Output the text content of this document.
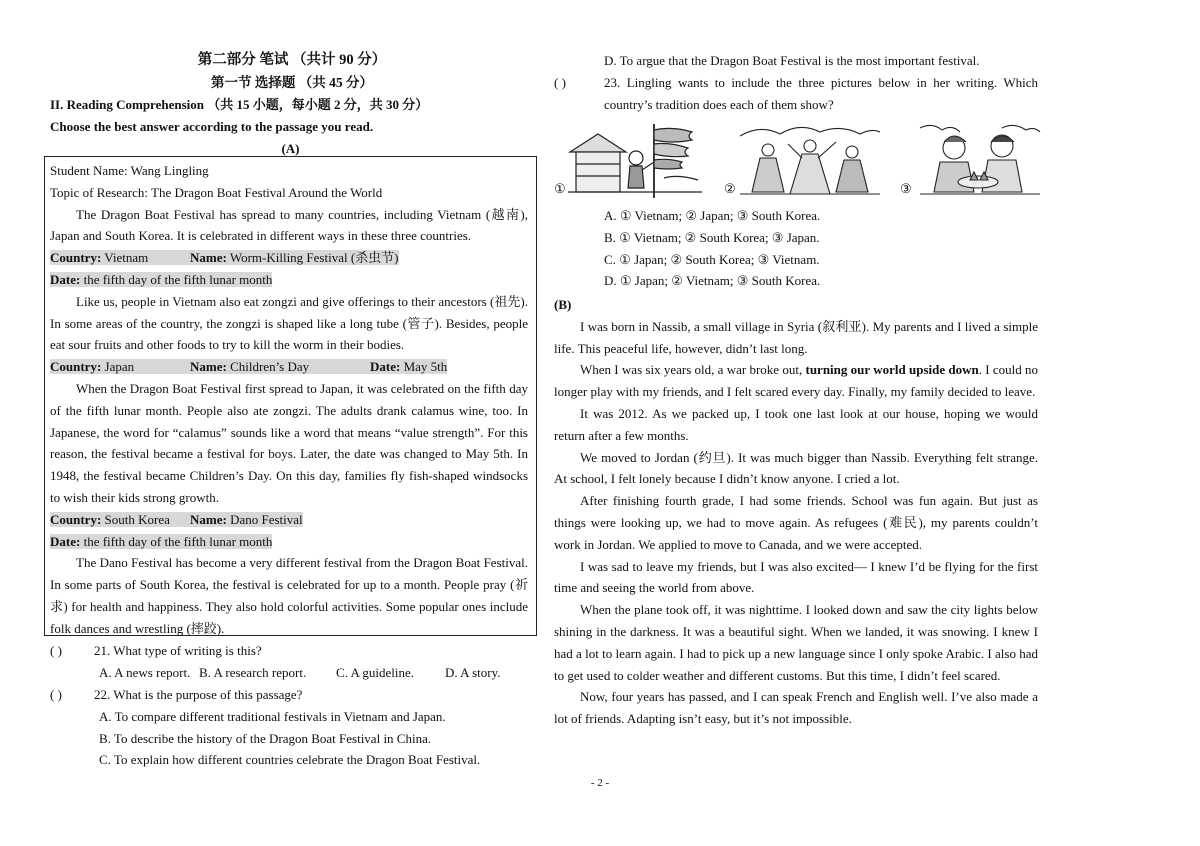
第二部分 笔试 （共计 90 分）
第一节 选择题 （共 45 分）
II. Reading Comprehension （共 15 小题，每小题 2 分，共 30 分）
Choose the best answer according to the passage you read.
(A)

Student Name: Wang Lingling

Topic of Research: The Dragon Boat Festival Around the World

The Dragon Boat Festival has spread to many countries, including Vietnam (越南), Japan and South Korea. It is celebrated in different ways in these three countries.

Country: Vietnam	Name: Worm-Killing Festival (杀虫节)

Date: the fifth day of the fifth lunar month

Like us, people in Vietnam also eat zongzi and give offerings to their ancestors (祖先). In some areas of the country, the zongzi is shaped like a long tube (管子). Besides, people eat sour fruits and other foods to try to kill the worm in their bodies.

Country: Japan	Name: Children’s Day	Date: May 5th

When the Dragon Boat Festival first spread to Japan, it was celebrated on the fifth day of the fifth lunar month. People also ate zongzi. The adults drank calamus wine, too. In Japanese, the word for “calamus” sounds like a word that means “value strength”. For this reason, the festival became a festival for boys. Later, the date was changed to May 5th. In 1948, the festival became Children’s Day. On this day, families fly fish-shaped windsocks to wish their kids strong growth.

Country: South Korea Name: Dano Festival

Date: the fifth day of the fifth lunar month

The Dano Festival has become a very different festival from the Dragon Boat Festival. In some parts of South Korea, the festival is celebrated for up to a month. People pray (祈求) for health and happiness. They also hold colorful activities. Some popular ones include folk dances and wrestling (摔跤).

( ) 21. What type of writing is this?

A. A news report. B. A research report. C. A guideline. D. A story.

( ) 22. What is the purpose of this passage?

A. To compare different traditional festivals in Vietnam and Japan.

B. To describe the history of the Dragon Boat Festival in China.

C. To explain how different countries celebrate the Dragon Boat Festival.

D. To argue that the Dragon Boat Festival is the most important festival.

( )	23. Lingling wants to include the three pictures below in her writing. Which country’s tradition does each of them show?

①	②	③

A. ① Vietnam; ② Japan; ③ South Korea.

B. ① Vietnam; ② South Korea; ③ Japan.

C. ① Japan; ② South Korea; ③ Vietnam.

D. ① Japan; ② Vietnam; ③ South Korea.

(B)

I was born in Nassib, a small village in Syria (叙利亚). My parents and I lived a simple life. This peaceful life, however, didn’t last long.

When I was six years old, a war broke out, turning our world upside down. I could no longer play with my friends, and I felt scared every day. Finally, my family decided to leave.

It was 2012. As we packed up, I took one last look at our house, hoping we would return after a few months.

We moved to Jordan (约旦). It was much bigger than Nassib. Everything felt strange. At school, I felt lonely because I didn’t know anyone. I cried a lot.

After finishing fourth grade, I had some friends. School was fun again. But just as things were looking up, we had to move again. As refugees (难民), my parents couldn’t work in Jordan. We applied to move to Canada, and we were accepted.

I was sad to leave my friends, but I was also excited— I knew I’d be flying for the first time and seeing the world from above.

When the plane took off, it was nighttime. I looked down and saw the city lights below shining in the darkness. It was a beautiful sight. When we landed, it was snowing. I knew I had a lot to learn again. I had to pick up a new language since I only spoke Arabic. I also had to get used to colder weather and different customs. But this time, I didn’t feel scared.

Now, four years has passed, and I can speak French and English well. I’ve also made a lot of friends. Adapting isn’t easy, but it’s not impossible.

- 2 -
